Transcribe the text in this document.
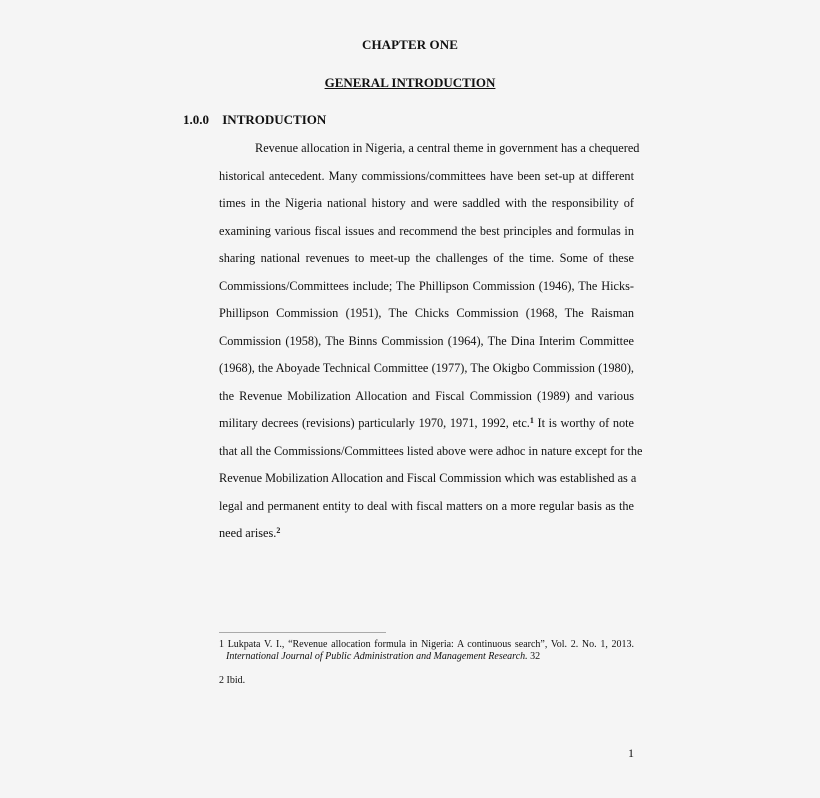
CHAPTER ONE
GENERAL INTRODUCTION
1.0.0 INTRODUCTION
Revenue allocation in Nigeria, a central theme in government has a chequered
historical antecedent. Many commissions/committees have been set-up at different
times in the Nigeria national history and were saddled with the responsibility of
examining various fiscal issues and recommend the best principles and formulas in
sharing national revenues to meet-up the challenges of the time. Some of these
Commissions/Committees include; The Phillipson Commission (1946), The Hicks-
Phillipson Commission (1951), The Chicks Commission (1968, The Raisman
Commission (1958), The Binns Commission (1964), The Dina Interim Committee
(1968), the Aboyade Technical Committee (1977), The Okigbo Commission (1980),
the Revenue Mobilization Allocation and Fiscal Commission (1989) and various
military decrees (revisions) particularly 1970, 1971, 1992, etc.$^1$ It is worthy of note
that all the Commissions/Committees listed above were adhoc in nature except for the
Revenue Mobilization Allocation and Fiscal Commission which was established as a
legal and permanent entity to deal with fiscal matters on a more regular basis as the
need arises.$^2$
1 Lukpata V. I., “Revenue allocation formula in Nigeria: A continuous search”, Vol. 2. No. 1, 2013.
International Journal of Public Administration and Management Research. 32
2 Ibid.
1
